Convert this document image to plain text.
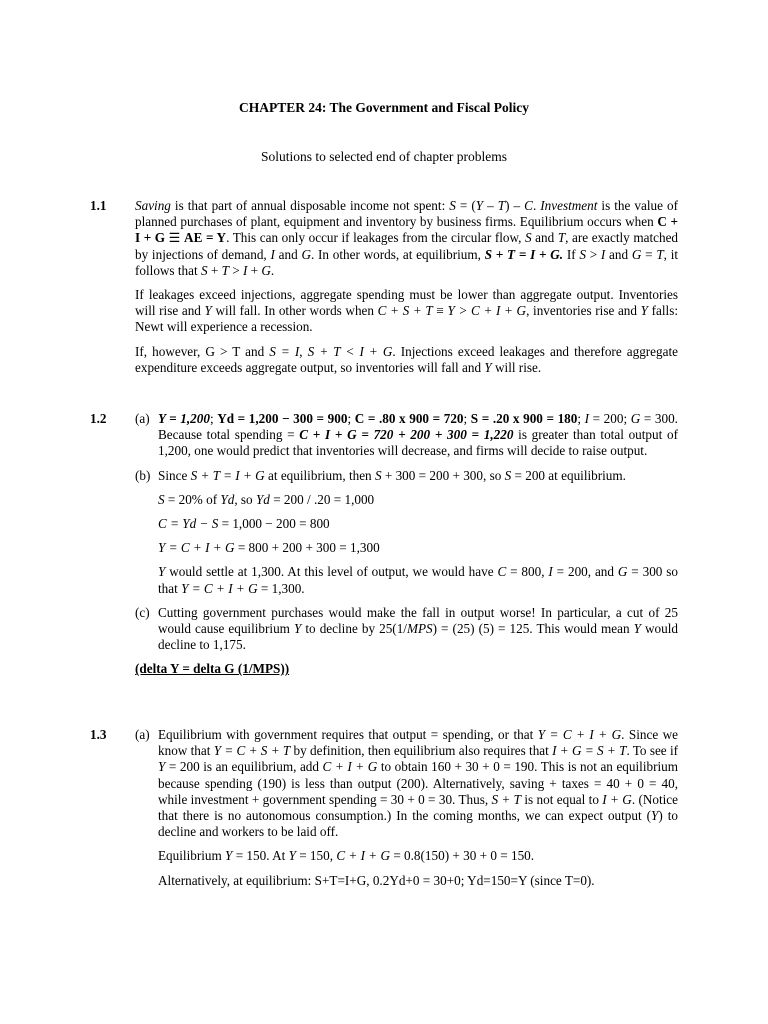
CHAPTER 24: The Government and Fiscal Policy
Solutions to selected end of chapter problems
1.1	Saving is that part of annual disposable income not spent: S = (Y – T) – C. Investment is the value of planned purchases of plant, equipment and inventory by business firms. Equilibrium occurs when C + I + G ☰ AE = Y. This can only occur if leakages from the circular flow, S and T, are exactly matched by injections of demand, I and G. In other words, at equilibrium, S + T = I + G. If S > I and G = T, it follows that S + T > I + G.

If leakages exceed injections, aggregate spending must be lower than aggregate output. Inventories will rise and Y will fall. In other words when C + S + T ≡ Y > C + I + G, inventories rise and Y falls: Newt will experience a recession.

If, however, G > T and S = I, S + T < I + G. Injections exceed leakages and therefore aggregate expenditure exceeds aggregate output, so inventories will fall and Y will rise.

1.2	(a) Y = 1,200; Yd = 1,200 − 300 = 900; C = .80 x 900 = 720; S = .20 x 900 = 180; I = 200; G = 300. Because total spending = C + I + G = 720 + 200 + 300 = 1,220 is greater than total output of 1,200, one would predict that inventories will decrease, and firms will decide to raise output.
(b) Since S + T = I + G at equilibrium, then S + 300 = 200 + 300, so S = 200 at equilibrium.
S = 20% of Yd, so Yd = 200 / .20 = 1,000
C = Yd − S = 1,000 − 200 = 800
Y = C + I + G = 800 + 200 + 300 = 1,300
Y would settle at 1,300. At this level of output, we would have C = 800, I = 200, and G = 300 so that Y = C + I + G = 1,300.
(c) Cutting government purchases would make the fall in output worse! In particular, a cut of 25 would cause equilibrium Y to decline by 25(1/MPS) = (25) (5) = 125. This would mean Y would decline to 1,175.
(delta Y = delta G (1/MPS))
1.3	(a) Equilibrium with government requires that output = spending, or that Y = C + I + G. Since we know that Y = C + S + T by definition, then equilibrium also requires that I + G = S + T. To see if Y = 200 is an equilibrium, add C + I + G to obtain 160 + 30 + 0 = 190. This is not an equilibrium because spending (190) is less than output (200). Alternatively, saving + taxes = 40 + 0 = 40, while investment + government spending = 30 + 0 = 30. Thus, S + T is not equal to I + G. (Notice that there is no autonomous consumption.) In the coming months, we can expect output (Y) to decline and workers to be laid off.
Equilibrium Y = 150. At Y = 150, C + I + G = 0.8(150) + 30 + 0 = 150.
Alternatively, at equilibrium: S+T=I+G, 0.2Yd+0 = 30+0; Yd=150=Y (since T=0).
